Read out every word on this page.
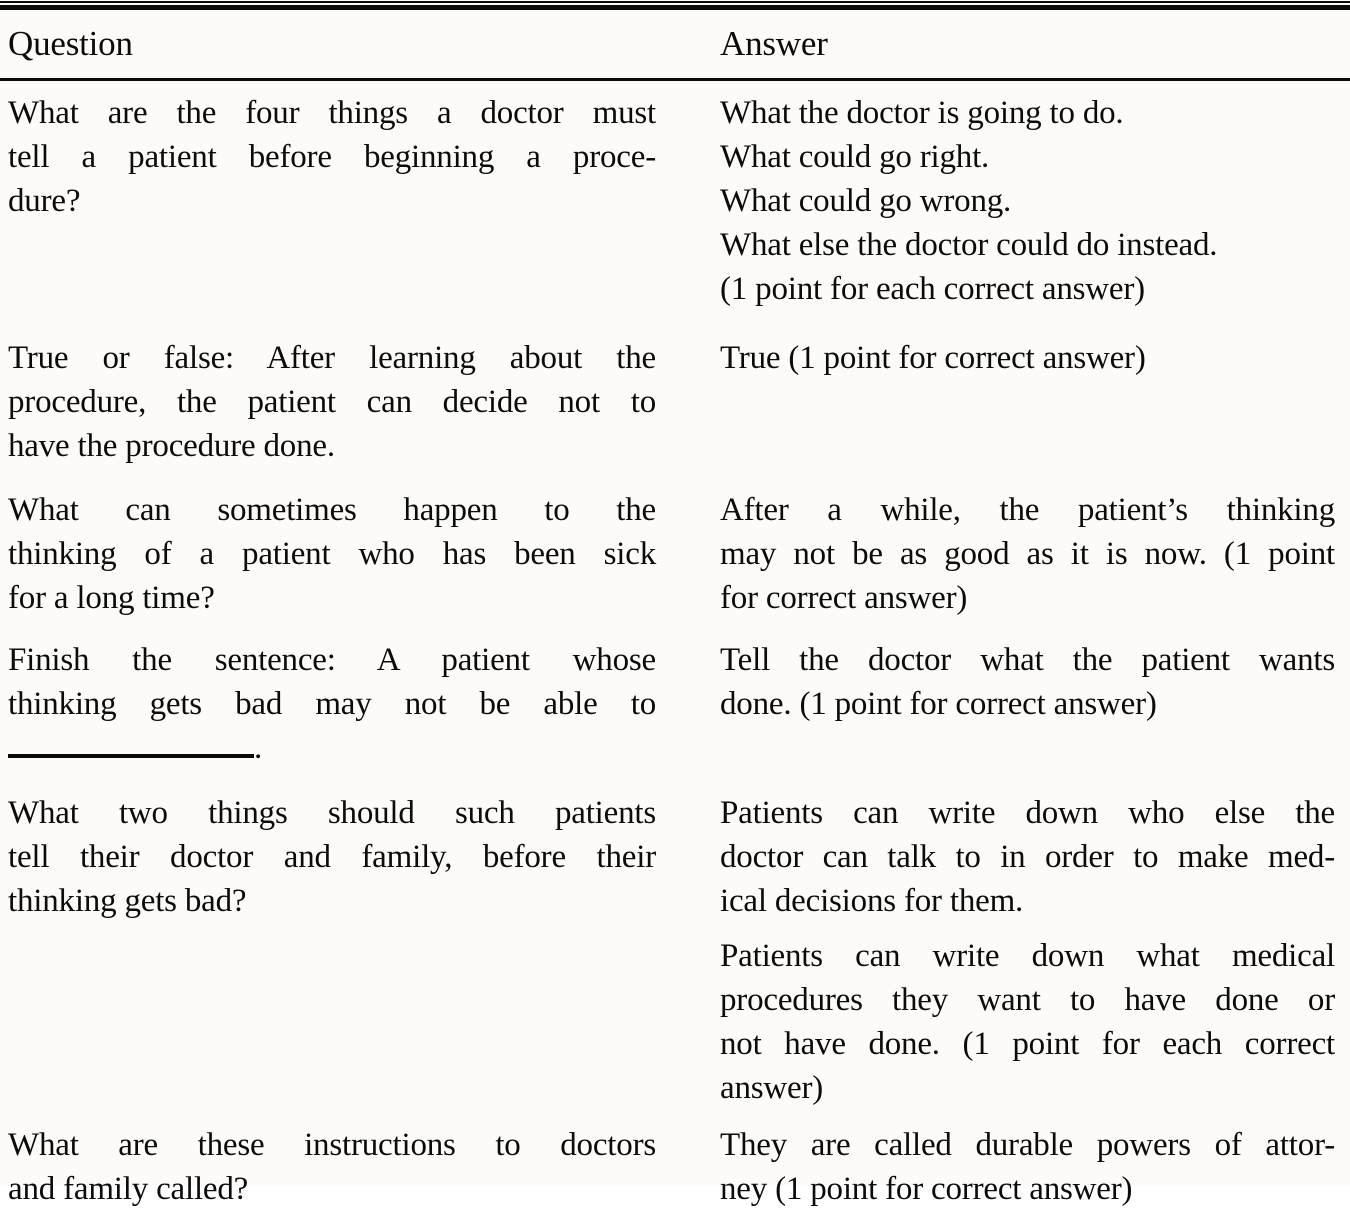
Question	Answer
What are the four things a doctor must
tell a patient before beginning a proce-
dure?
What the doctor is going to do.
What could go right.
What could go wrong.
What else the doctor could do instead.
(1 point for each correct answer)
True or false: After learning about the
procedure, the patient can decide not to
have the procedure done.
True (1 point for correct answer)
What can sometimes happen to the
thinking of a patient who has been sick
for a long time?
After a while, the patient’s thinking
may not be as good as it is now. (1 point
for correct answer)
Finish the sentence: A patient whose
thinking gets bad may not be able to
.
Tell the doctor what the patient wants
done. (1 point for correct answer)
What two things should such patients
tell their doctor and family, before their
thinking gets bad?
Patients can write down who else the
doctor can talk to in order to make med-
ical decisions for them.
Patients can write down what medical
procedures they want to have done or
not have done. (1 point for each correct
answer)
What are these instructions to doctors
and family called?
They are called durable powers of attor-
ney (1 point for correct answer)
